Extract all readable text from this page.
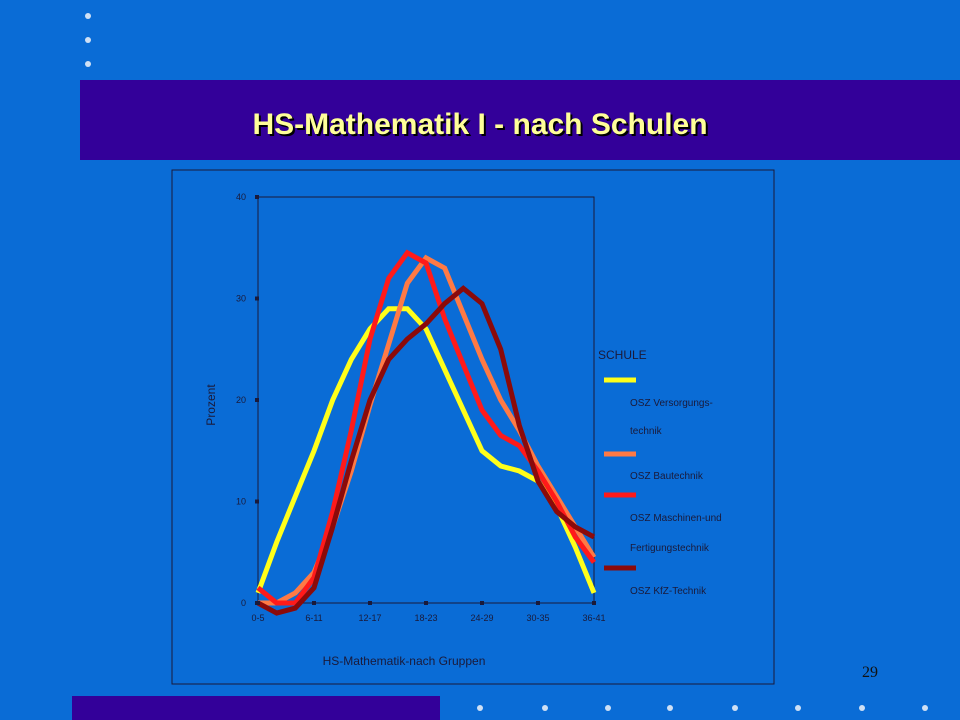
HS-Mathematik I - nach Schulen
0
10
20
30
40
0-5	6-11	12-17	18-23	24-29	30-35	36-41
Prozent
HS-Mathematik-nach Gruppen
SCHULE
OSZ Versorgungs-
technik
OSZ Bautechnik
OSZ Maschinen-und
Fertigungstechnik
OSZ KfZ-Technik
29
